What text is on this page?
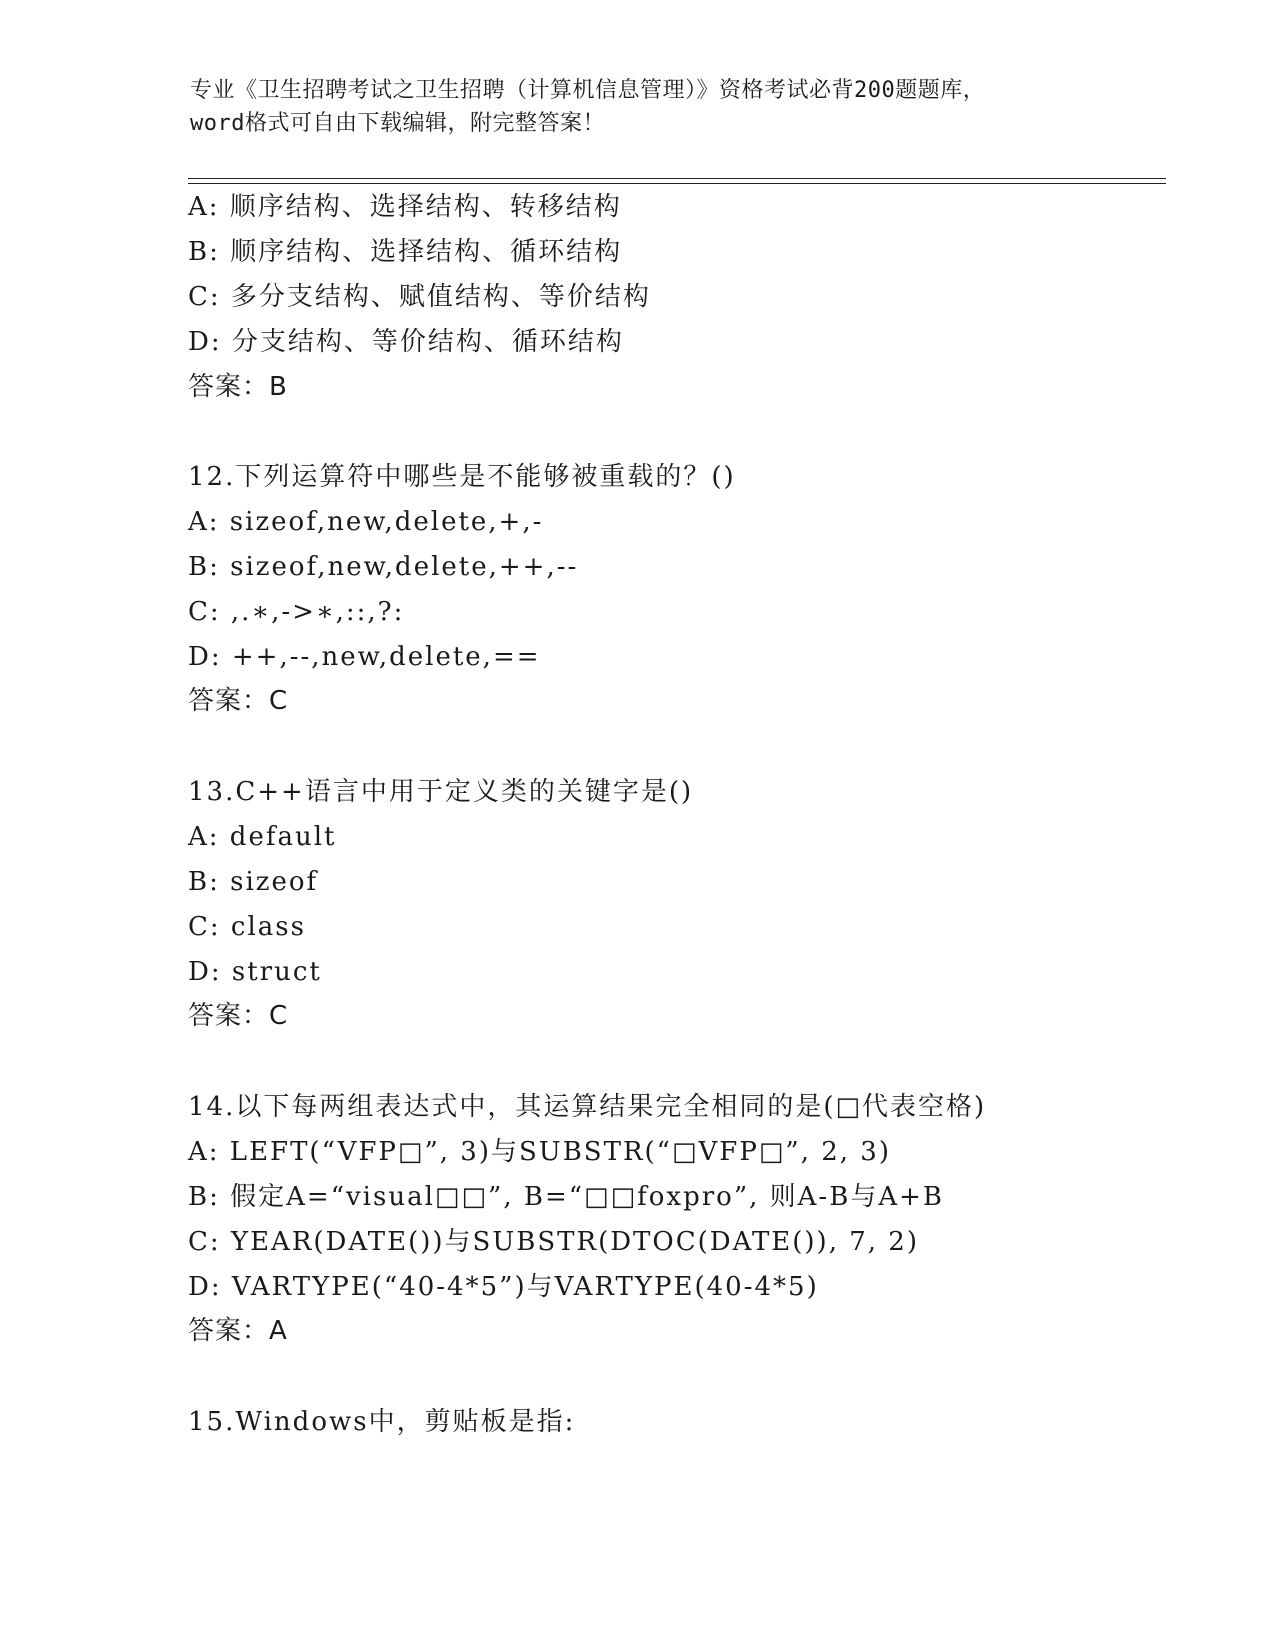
专业《卫生招聘考试之卫生招聘（计算机信息管理）》资格考试必背200题题库，
word格式可自由下载编辑，附完整答案！
A: 顺序结构、选择结构、转移结构
B: 顺序结构、选择结构、循环结构
C: 多分支结构、赋值结构、等价结构
D: 分支结构、等价结构、循环结构
答案：B
12.下列运算符中哪些是不能够被重载的？()
A: sizeof,new,delete,+,-
B: sizeof,new,delete,++,--
C: ,.∗,->∗,::,?:
D: ++,--,new,delete,==
答案：C
13.C++语言中用于定义类的关键字是()
A: default
B: sizeof
C: class
D: struct
答案：C
14.以下每两组表达式中，其运算结果完全相同的是(□代表空格)
A: LEFT(“VFP□”, 3)与SUBSTR(“□VFP□”, 2, 3)
B: 假定A=“visual□□”, B=“□□foxpro”, 则A-B与A+B
C: YEAR(DATE())与SUBSTR(DTOC(DATE()), 7, 2)
D: VARTYPE(“40-4*5”)与VARTYPE(40-4*5)
答案：A
15.Windows中，剪贴板是指:
